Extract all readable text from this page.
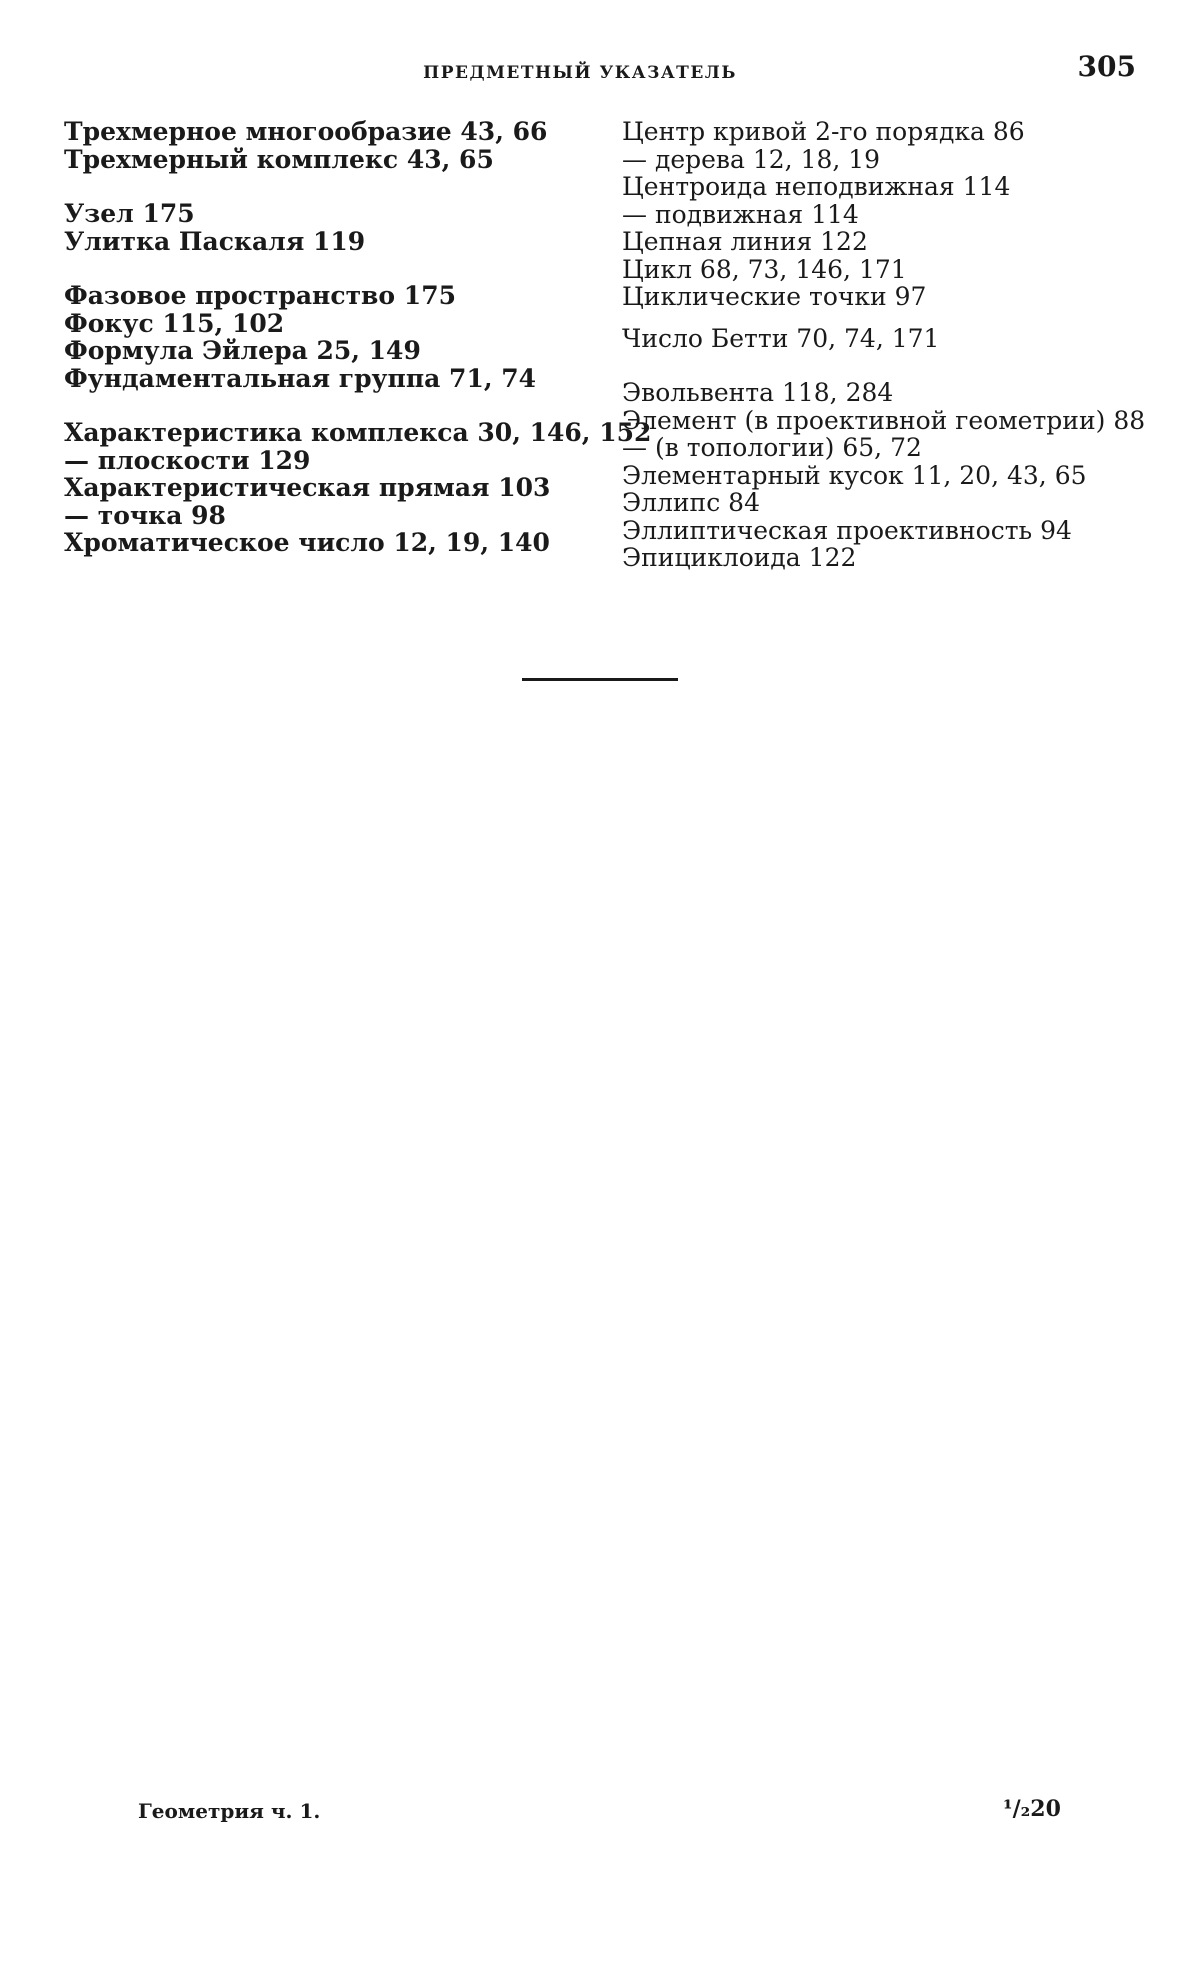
ПРЕДМЕТНЫЙ УКАЗАТЕЛЬ	305
Трехмерное многообразие 43, 66
Трехмерный комплекс 43, 65
Узел 175
Улитка Паскаля 119
Фазовое пространство 175
Фокус 115, 102
Формула Эйлера 25, 149
Фундаментальная группа 71, 74
Характеристика комплекса 30, 146, 152
— плоскости 129
Характеристическая прямая 103
— точка 98
Хроматическое число 12, 19, 140
Центр кривой 2-го порядка 86
— дерева 12, 18, 19
Центроида неподвижная 114
— подвижная 114
Цепная линия 122
Цикл 68, 73, 146, 171
Циклические точки 97
Число Бетти 70, 74, 171
Эвольвента 118, 284
Элемент (в проективной геометрии) 88
— (в топологии) 65, 72
Элементарный кусок 11, 20, 43, 65
Эллипс 84
Эллиптическая проективность 94
Эпициклоида 122
Геометрия ч. 1.	¹/₂20
